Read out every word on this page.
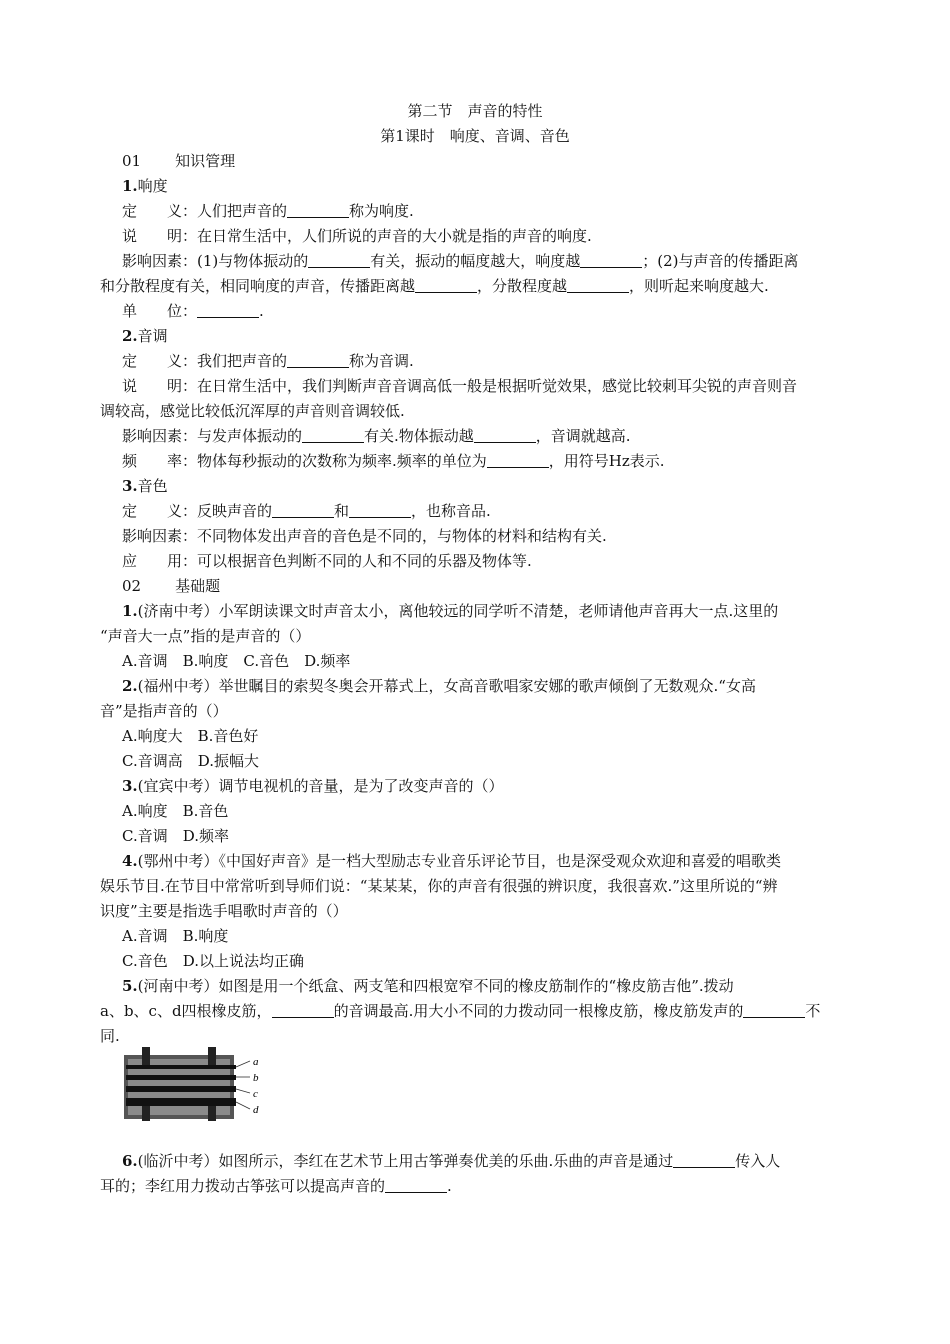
第二节　声音的特性
第1课时　响度、音调、音色
01 知识管理
1.响度
定　　义：人们把声音的	称为响度.
说　　明：在日常生活中，人们所说的声音的大小就是指的声音的响度.
影响因素：(1)与物体振动的	有关，振动的幅度越大，响度越	；(2)与声音的传播距离
和分散程度有关，相同响度的声音，传播距离越	，分散程度越	，则听起来响度越大.
单　　位：	.
2.音调
定　　义：我们把声音的	称为音调.
说　　明：在日常生活中，我们判断声音音调高低一般是根据听觉效果，感觉比较刺耳尖锐的声音则音
调较高，感觉比较低沉浑厚的声音则音调较低.
影响因素：与发声体振动的	有关.物体振动越	，音调就越高.
频　　率：物体每秒振动的次数称为频率.频率的单位为	，用符号Hz表示.
3.音色
定　　义：反映声音的	和	，也称音品.
影响因素：不同物体发出声音的音色是不同的，与物体的材料和结构有关.
应　　用：可以根据音色判断不同的人和不同的乐器及物体等.
02 基础题
1.(济南中考）小军朗读课文时声音太小，离他较远的同学听不清楚，老师请他声音再大一点.这里的
“声音大一点”指的是声音的（）
A.音调　B.响度　C.音色　D.频率
2.(福州中考）举世瞩目的索契冬奥会开幕式上，女高音歌唱家安娜的歌声倾倒了无数观众.“女高
音”是指声音的（）
A.响度大　B.音色好
C.音调高　D.振幅大
3.(宜宾中考）调节电视机的音量，是为了改变声音的（）
A.响度　B.音色
C.音调　D.频率
4.(鄂州中考）《中国好声音》是一档大型励志专业音乐评论节目，也是深受观众欢迎和喜爱的唱歌类
娱乐节目.在节目中常常听到导师们说：“某某某，你的声音有很强的辨识度，我很喜欢.”这里所说的“辨
识度”主要是指选手唱歌时声音的（）
A.音调　B.响度
C.音色　D.以上说法均正确
5.(河南中考）如图是用一个纸盒、两支笔和四根宽窄不同的橡皮筋制作的“橡皮筋吉他”.拨动
a、b、c、d四根橡皮筋，	的音调最高.用大小不同的力拨动同一根橡皮筋，橡皮筋发声的	不
同.
a
b
c
d
6.(临沂中考）如图所示，李红在艺术节上用古筝弹奏优美的乐曲.乐曲的声音是通过	传入人
耳的；李红用力拨动古筝弦可以提高声音的	.
